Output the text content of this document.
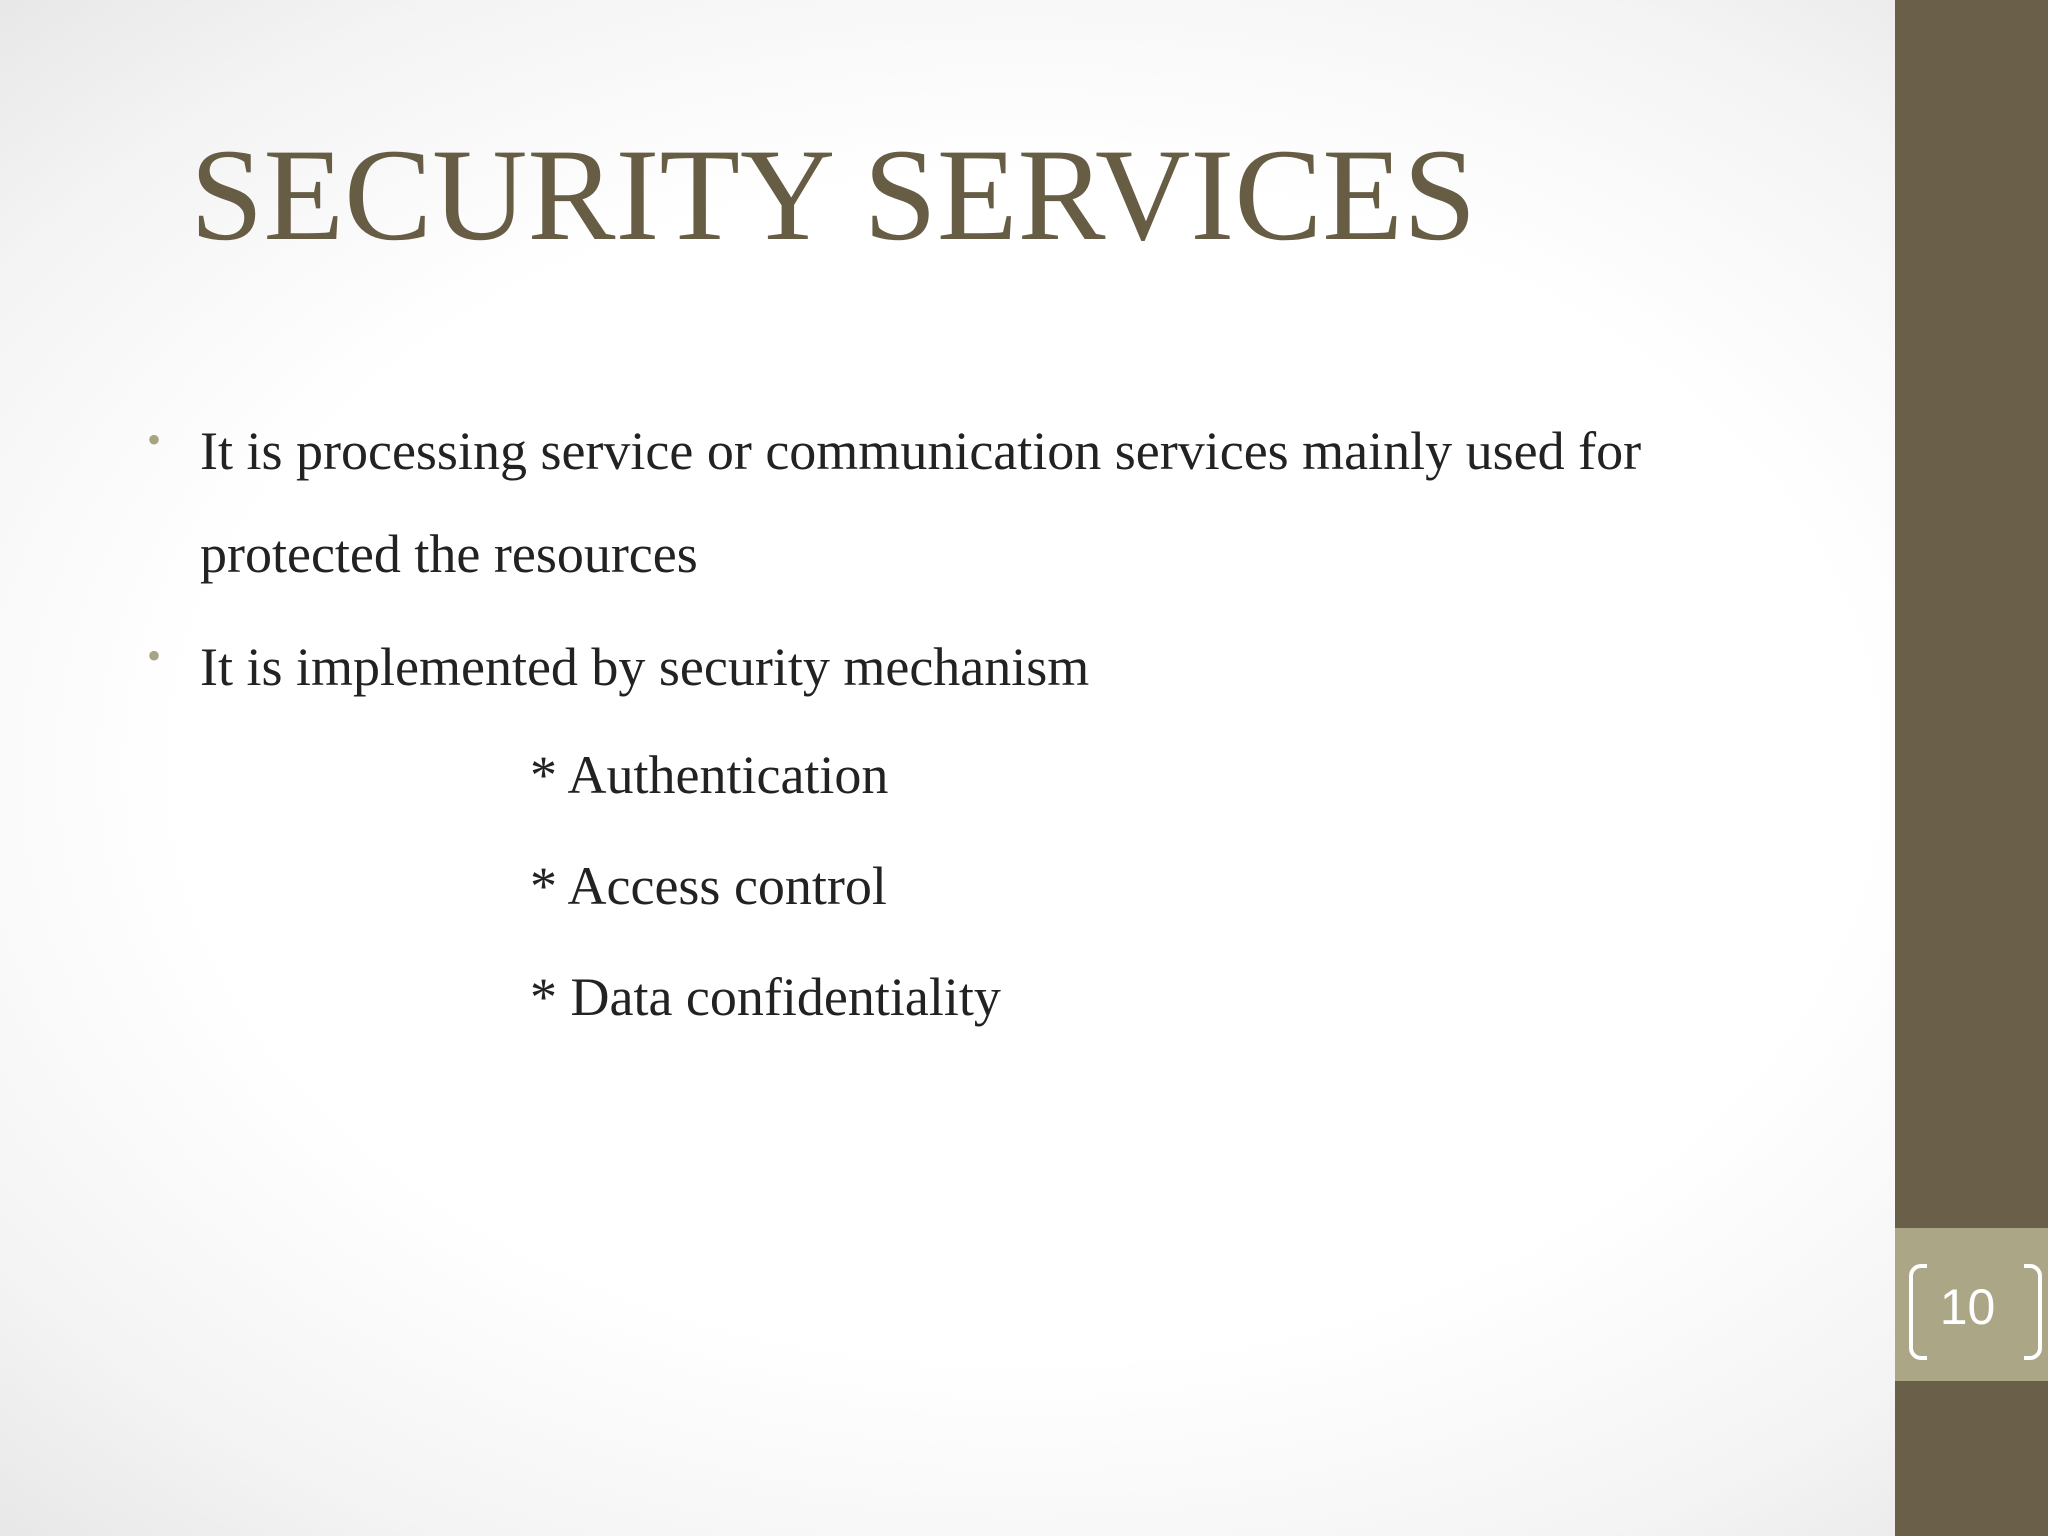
SECURITY SERVICES
• It is processing service or communication services mainly used for protected the resources
• It is implemented by security mechanism
* Authentication
* Access control
* Data confidentiality
10
